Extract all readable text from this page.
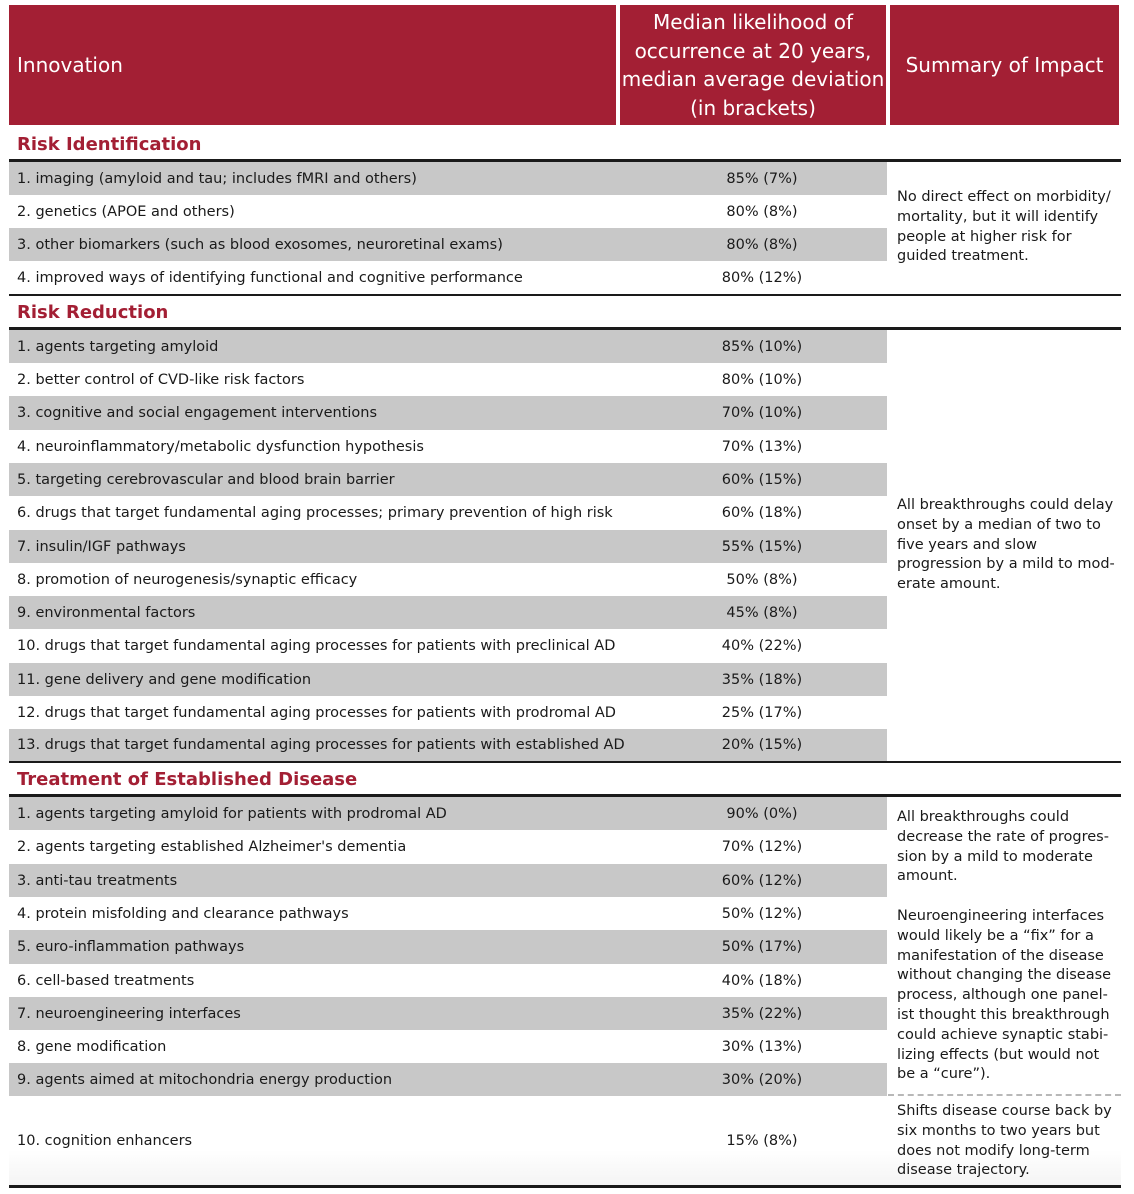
Innovation
Median likelihood of occurrence at 20 years, median average deviation (in brackets)
Summary of Impact
Risk Identification
1. imaging (amyloid and tau; includes fMRI and others)	85% (7%)
2. genetics (APOE and others)	80% (8%)
3. other biomarkers (such as blood exosomes, neuroretinal exams)	80% (8%)
4. improved ways of identifying functional and cognitive performance	80% (12%)
No direct effect on morbidity/ mortality, but it will identify people at higher risk for guided treatment.
Risk Reduction
1. agents targeting amyloid	85% (10%)
2. better control of CVD-like risk factors	80% (10%)
3. cognitive and social engagement interventions	70% (10%)
4. neuroinflammatory/metabolic dysfunction hypothesis	70% (13%)
5. targeting cerebrovascular and blood brain barrier	60% (15%)
6. drugs that target fundamental aging processes; primary prevention of high risk	60% (18%)
7. insulin/IGF pathways	55% (15%)
8. promotion of neurogenesis/synaptic efficacy	50% (8%)
9. environmental factors	45% (8%)
10. drugs that target fundamental aging processes for patients with preclinical AD	40% (22%)
11. gene delivery and gene modification	35% (18%)
12. drugs that target fundamental aging processes for patients with prodromal AD	25% (17%)
13. drugs that target fundamental aging processes for patients with established AD	20% (15%)
All breakthroughs could delay onset by a median of two to five years and slow progression by a mild to mod-erate amount.
Treatment of Established Disease
1. agents targeting amyloid for patients with prodromal AD	90% (0%)
2. agents targeting established Alzheimer's dementia	70% (12%)
3. anti-tau treatments	60% (12%)
4. protein misfolding and clearance pathways	50% (12%)
5. euro-inflammation pathways	50% (17%)
6. cell-based treatments	40% (18%)
7. neuroengineering interfaces	35% (22%)
8. gene modification	30% (13%)
9. agents aimed at mitochondria energy production	30% (20%)
10. cognition enhancers	15% (8%)
All breakthroughs could decrease the rate of progres-sion by a mild to moderate amount.
Neuroengineering interfaces would likely be a “fix” for a manifestation of the disease without changing the disease process, although one panel-ist thought this breakthrough could achieve synaptic stabi-lizing effects (but would not be a “cure”).
Shifts disease course back by six months to two years but does not modify long-term disease trajectory.
